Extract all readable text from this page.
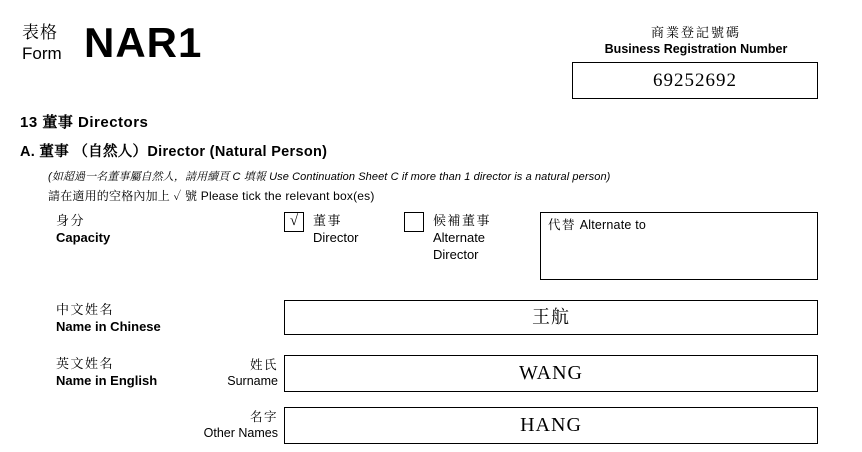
表格
Form NAR1	商業登記號碼
Business Registration Number
69252692
13 董事 Directors
A. 董事 （自然人）Director (Natural Person)
(如超過一名董事屬自然人，請用續頁 C 填報 Use Continuation Sheet C if more than 1 director is a natural person)
請在適用的空格內加上 ✓ 號 Please tick the relevant box(es)
身分
Capacity
√	董事
Director
候補董事
Alternate
Director
代替 Alternate to
中文姓名
Name in Chinese	王航
英文姓名
Name in English
姓氏
Surname	WANG
名字
Other Names	HANG
